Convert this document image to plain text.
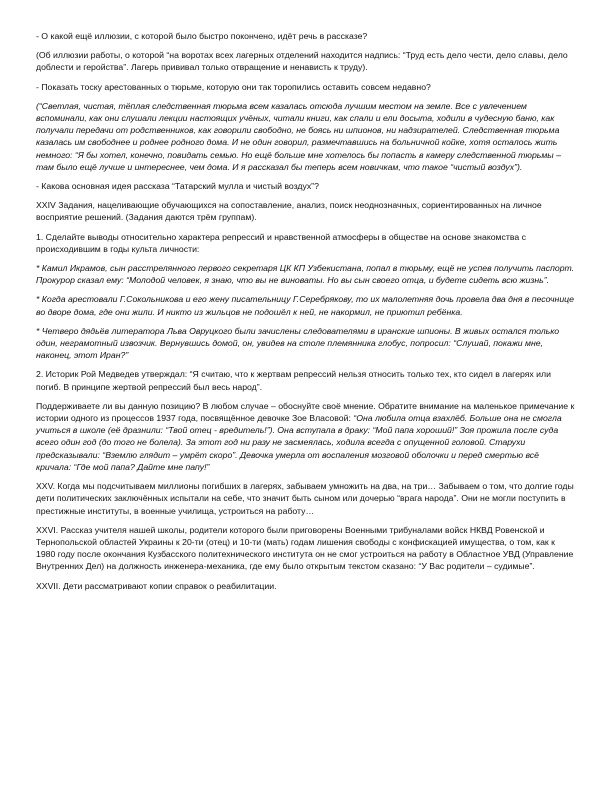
- О какой ещё иллюзии, с которой было быстро покончено, идёт речь в рассказе?

(Об иллюзии работы, о которой “на воротах всех лагерных отделений находится надпись: “Труд есть дело чести, дело славы, дело доблести и геройства”. Лагерь прививал только отвращение и ненависть к труду).

- Показать тоску арестованных о тюрьме, которую они так торопились оставить совсем недавно?

(“Светлая, чистая, тёплая следственная тюрьма всем казалась отсюда лучшим местом на земле. Все с увлечением вспоминали, как они слушали лекции настоящих учёных, читали книги, как спали и ели досыта, ходили в чудесную баню, как получали передачи от родственников, как говорили свободно, не боясь ни шпионов, ни надзирателей. Следственная тюрьма казалась им свободнее и роднее родного дома. И не один говорил, размечтавшись на больничной койке, хотя осталось жить немного: “Я бы хотел, конечно, повидать семью. Но ещё больше мне хотелось бы попасть в камеру следственной тюрьмы – там было ещё лучше и интереснее, чем дома. И я рассказал бы теперь всем новичкам, что такое “чистый воздух”).

- Какова основная идея рассказа “Татарский мулла и чистый воздух”?

XXIV Задания, нацеливающие обучающихся на сопоставление, анализ, поиск неоднозначных, сориентированных на личное восприятие решений. (Задания даются трём группам).

1. Сделайте выводы относительно характера репрессий и нравственной атмосферы в обществе на основе знакомства с происходившим в годы культа личности:

* Камил Икрамов, сын расстрелянного первого секретаря ЦК КП Узбекистана, попал в тюрьму, ещё не успев получить паспорт. Прокурор сказал ему: “Молодой человек, я знаю, что вы не виноваты. Но вы сын своего отца, и будете сидеть всю жизнь”.

* Когда арестовали Г.Сокольникова и его жену писательницу Г.Серебрякову, то их малолетняя дочь провела два дня в песочнице во дворе дома, где они жили. И никто из жильцов не подошёл к ней, не накормил, не приютил ребёнка.

* Четверо дядьёв литератора Льва Овруцкого были зачислены следователями в иранские шпионы. В живых остался только один, неграмотный извозчик. Вернувшись домой, он, увидев на столе племянника глобус, попросил: “Слушай, покажи мне, наконец, этот Иран?”

2. Историк Рой Медведев утверждал: “Я считаю, что к жертвам репрессий нельзя относить только тех, кто сидел в лагерях или погиб. В принципе жертвой репрессий был весь народ”.

Поддерживаете ли вы данную позицию? В любом случае – обоснуйте своё мнение. Обратите внимание на маленькое примечание к истории одного из процессов 1937 года, посвящённое девочке Зое Власовой: “Она любила отца взахлёб. Больше она не смогла учиться в школе (её дразнили: “Твой отец - вредитель!”). Она вступала в драку: “Мой папа хороший!” Зоя прожила после суда всего один год (до того не болела). За этот год ни разу не засмеялась, ходила всегда с опущенной головой. Старухи предсказывали: “Вземлю глядит – умрёт скоро”. Девочка умерла от воспаления мозговой оболочки и перед смертью всё кричала: “Где мой папа? Дайте мне папу!”

XXV. Когда мы подсчитываем миллионы погибших в лагерях, забываем умножить на два, на три… Забываем о том, что долгие годы дети политических заключённых испытали на себе, что значит быть сыном или дочерью “врага народа”. Они не могли поступить в престижные институты, в военные училища, устроиться на работу…

XXVI. Рассказ учителя нашей школы, родители которого были приговорены Военными трибуналами войск НКВД Ровенской и Тернопольской областей Украины к 20-ти (отец) и 10-ти (мать) годам лишения свободы с конфискацией имущества, о том, как к 1980 году после окончания Кузбасского политехнического института он не смог устроиться на работу в Областное УВД (Управление Внутренних Дел) на должность инженера-механика, где ему было открытым текстом сказано: “У Вас родители – судимые”.

XXVII. Дети рассматривают копии справок о реабилитации.
